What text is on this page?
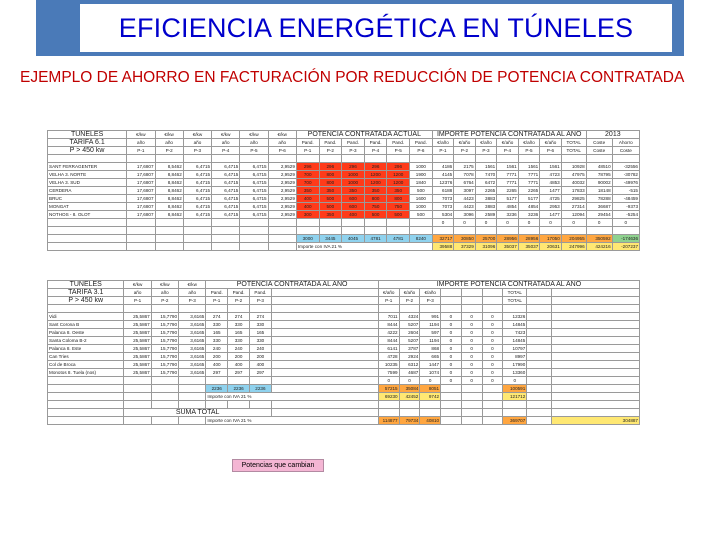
EFICIENCIA ENERGÉTICA EN TÚNELES
EJEMPLO DE AHORRO EN FACTURACIÓN POR REDUCCIÓN DE POTENCIA CONTRATADA
TUNELES	€/kw	€/kw	€/kw	€/kw	€/kw	€/kw	POTENCIA CONTRATADA ACTUAL						IMPORTE POTENCIA CONTRATADA AL AÑO							2013	
TARIFA 6.1	año	año	año	año	año	año	Pand.	Pand.	Pand.	Pand.	Pand.	Pand.	€/año	€/año	€/año	€/año	€/año	€/año	TOTAL	Coste	Ahorro
P > 450 kw	P-1	P-2	P-3	P-4	P-5	P-6	P-1	P-2	P-3	P-4	P-5	P-6	P-1	P-2	P-3	P-4	P-5	P-6	TOTAL	Coste	Coste

SANT FERRAGENTER	17,6807	8,5462	6,4715	6,4715	6,4715	2,9529	296	296	296	296	296	1000	4186	2175	1561	1561	1561	1561	10928	48510	-32556
VELHA 3. NORTE	17,6807	8,8462	6,4715	6,4715	6,4715	2,9529	700	800	1000	1200	1200	1900	4145	7078	7470	7771	7771	4723	47975	78795	-30782
VELHA 3. SUD	17,6807	8,8462	6,4715	6,4715	6,4715	2,9529	700	800	1000	1200	1200	1840	12376	6764	6472	7771	7771	4853	40032	90002	-49976
CERDERA	17,6807	8,8462	6,4715	6,4715	6,4715	2,9529	350	350	350	350	350	500	6188	3097	2265	2265	2265	1477	17833	18148	-515
BRUC	17,6807	8,8462	6,4715	6,4715	6,4715	2,9529	400	500	600	800	800	1600	7073	4423	3883	5177	5177	4725	29825	78288	-48459
MONGAT	17,6807	8,8462	6,4715	6,4715	6,4715	2,9529	400	500	600	750	750	1000	7073	4423	3883	4854	4854	2953	27314	36687	-9373
NOTHOS - 8. OLOT	17,6807	8,8462	6,4715	6,4715	6,4715	2,9529	300	350	400	500	500	500	5304	3096	2589	3236	3236	1477	12094	29454	-5254
													0	0	0	0	0	0	0	0	0

							3000	3445	4045	4781	4781	8240	32717	30850	25700	28956	28956	17050	204955	350592	-174636
							Importe con IVA 21 %						39588	37329	31096	35037	35037	20631	247996	424216	-207237
TUNELES	€/kw	€/kw	€/kw	POTENCIA CONTRATADA AL AÑO				IMPORTE POTENCIA CONTRATADA AL AÑO								
TARIFA 3.1	año	año	año	Pand.	Pand.	Pand.		€/año	€/año	€/año				TOTAL		
P > 450 kw	P-1	P-2	P-3	P-1	P-2	P-3		P-1	P-2	P-3				TOTAL		

Vidi	25,5867	15,7790	3,6165	274	274	274		7011	4324	991	0	0	0	12326		
Sant Corona B	25,5867	15,7790	3,6165	330	330	330		8444	5207	1194	0	0	0	14845		
Palanca 8. Oeste	25,5867	15,7790	3,6165	165	165	165		4222	2604	597	0	0	0	7423		
Santa Coloma B-2	25,5867	15,7790	3,6165	330	330	330		8444	5207	1194	0	0	0	14845		
Palanca 8. Este	25,5867	15,7790	3,6165	240	240	240		6141	3787	868	0	0	0	10797		
Can Tries	25,5867	15,7790	3,6165	200	200	200		4728	2924	665	0	0	0	8997		
Col de Broca	25,5867	15,7790	3,6165	400	400	400		10235	6312	1447	0	0	0	17990		
Monotos 8. Tuela (nos)	25,5867	15,7790	3,6165	297	297	297		7599	4687	1074	0	0	0	13360		
								0	0	0	0	0	0	0		
				2236	2236	2236		57215	35084	8051				100591		
				Importe con IVA 21 %				69230	42452	9742				121712		

	SUMA TOTAL															
				Importe con IVA 21 %				114877	79734	40810				369707		304887
Potencias que cambian
